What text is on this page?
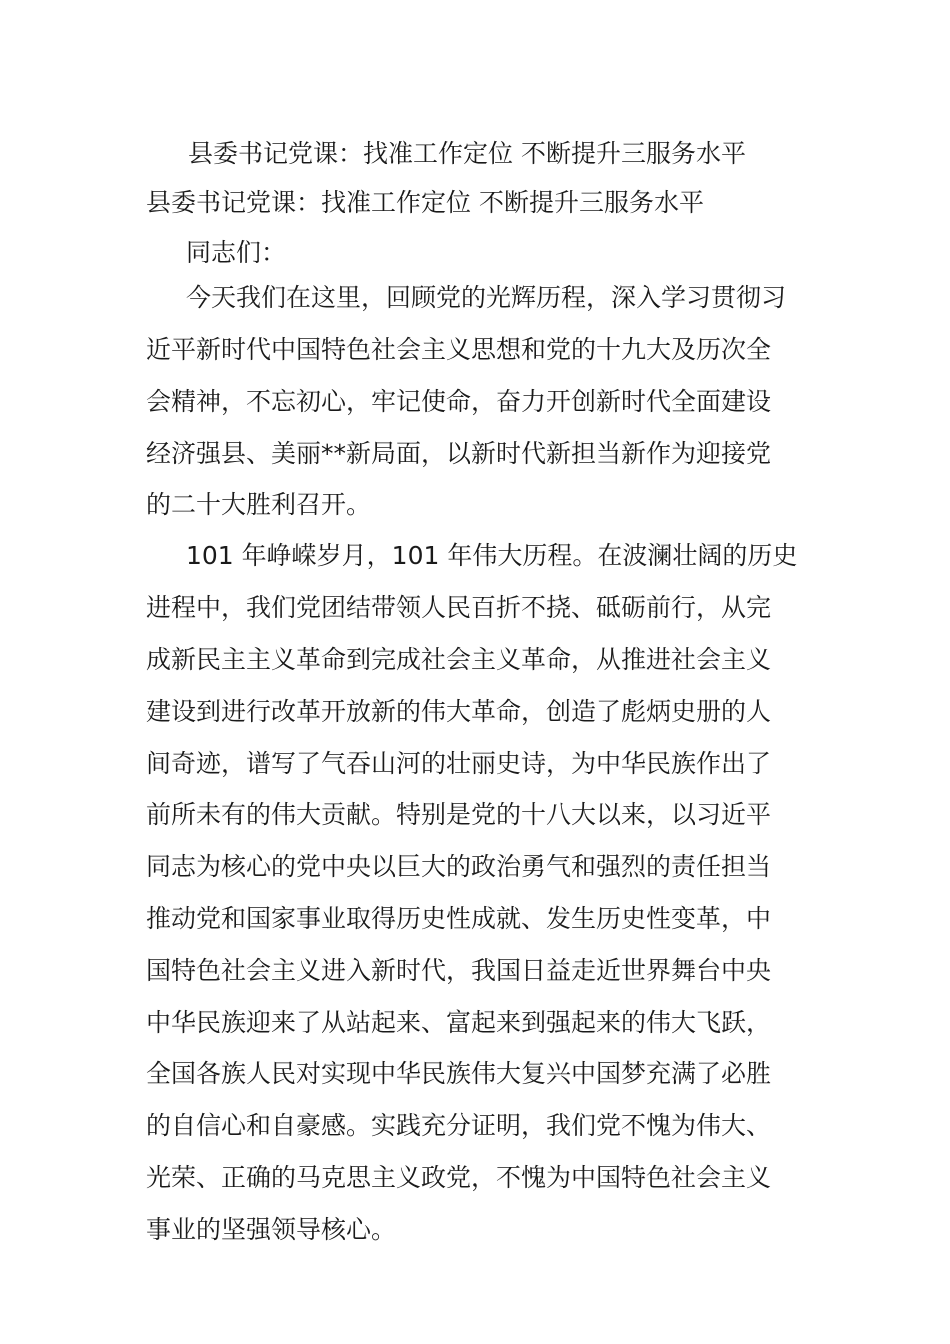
县委书记党课：找准工作定位 不断提升三服务水平
县委书记党课：找准工作定位 不断提升三服务水平
同志们：
今天我们在这里，回顾党的光辉历程，深入学习贯彻习
近平新时代中国特色社会主义思想和党的十九大及历次全
会精神，不忘初心，牢记使命，奋力开创新时代全面建设
经济强县、美丽**新局面，以新时代新担当新作为迎接党
的二十大胜利召开。
101 年峥嵘岁月，101 年伟大历程。在波澜壮阔的历史
进程中，我们党团结带领人民百折不挠、砥砺前行，从完
成新民主主义革命到完成社会主义革命，从推进社会主义
建设到进行改革开放新的伟大革命，创造了彪炳史册的人
间奇迹，谱写了气吞山河的壮丽史诗，为中华民族作出了
前所未有的伟大贡献。特别是党的十八大以来，以习近平
同志为核心的党中央以巨大的政治勇气和强烈的责任担当
推动党和国家事业取得历史性成就、发生历史性变革，中
国特色社会主义进入新时代，我国日益走近世界舞台中央
中华民族迎来了从站起来、富起来到强起来的伟大飞跃，
全国各族人民对实现中华民族伟大复兴中国梦充满了必胜
的自信心和自豪感。实践充分证明，我们党不愧为伟大、
光荣、正确的马克思主义政党，不愧为中国特色社会主义
事业的坚强领导核心。
